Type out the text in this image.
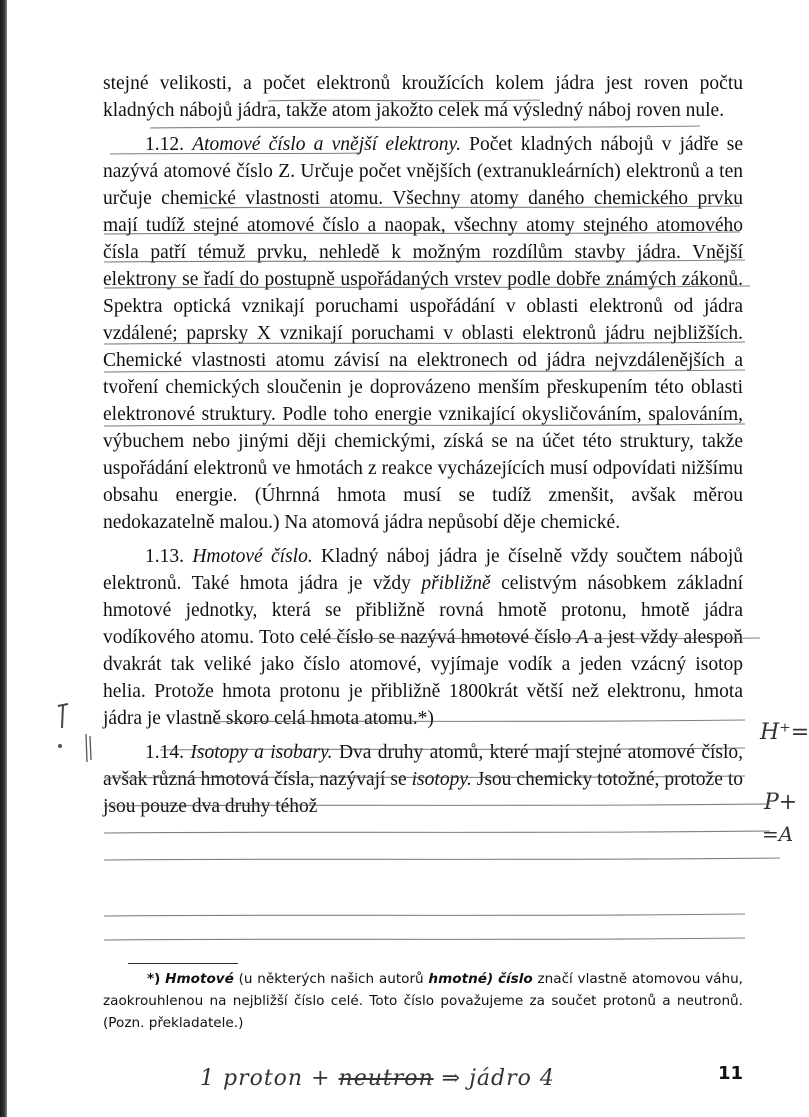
stejné velikosti, a počet elektronů kroužících kolem jádra jest roven počtu kladných nábojů jádra, takže atom jakožto celek má výsledný náboj roven nule.

1.12. Atomové číslo a vnější elektrony. Počet kladných nábojů v jádře se nazývá atomové číslo Z. Určuje počet vnějších (extranukleárních) elektronů a ten určuje chemické vlastnosti atomu. Všechny atomy daného chemického prvku mají tudíž stejné atomové číslo a naopak, všechny atomy stejného atomového čísla patří témuž prvku, nehledě k možným rozdílům stavby jádra. Vnější elektrony se řadí do postupně uspořádaných vrstev podle dobře známých zákonů. Spektra optická vznikají poruchami uspořádání v oblasti elektronů od jádra vzdálené; paprsky X vznikají poruchami v oblasti elektronů jádru nejbližších. Chemické vlastnosti atomu závisí na elektronech od jádra nejvzdálenějších a tvoření chemických sloučenin je doprovázeno menším přeskupením této oblasti elektronové struktury. Podle toho energie vznikající okysličováním, spalováním, výbuchem nebo jinými ději chemickými, získá se na účet této struktury, takže uspořádání elektronů ve hmotách z reakce vycházejících musí odpovídati nižšímu obsahu energie. (Úhrnná hmota musí se tudíž zmenšit, avšak měrou nedokazatelně malou.) Na atomová jádra nepůsobí děje chemické.

1.13. Hmotové číslo. Kladný náboj jádra je číselně vždy součtem nábojů elektronů. Také hmota jádra je vždy přibližně celistvým násobkem základní hmotové jednotky, která se přibližně rovná hmotě protonu, hmotě jádra vodíkového atomu. Toto celé číslo se nazývá hmotové číslo A a jest vždy alespoň dvakrát tak veliké jako číslo atomové, vyjímaje vodík a jeden vzácný isotop helia. Protože hmota protonu je přibližně 1800krát větší než elektronu, hmota jádra je vlastně skoro celá hmota atomu.*)

1.14. Isotopy a isobary. Dva druhy atomů, které mají stejné atomové číslo, avšak různá hmotová čísla, nazývají se isotopy. Jsou chemicky totožné, protože to jsou pouze dva druhy téhož

*) Hmotové (u některých našich autorů hmotné) číslo značí vlastně atomovou váhu, zaokrouhlenou na nejbližší číslo celé. Toto číslo považujeme za součet protonů a neutronů. (Pozn. překladatele.)

11
1 proton + neutron ⇒ jádro 4
H⁺=
P+
=A
